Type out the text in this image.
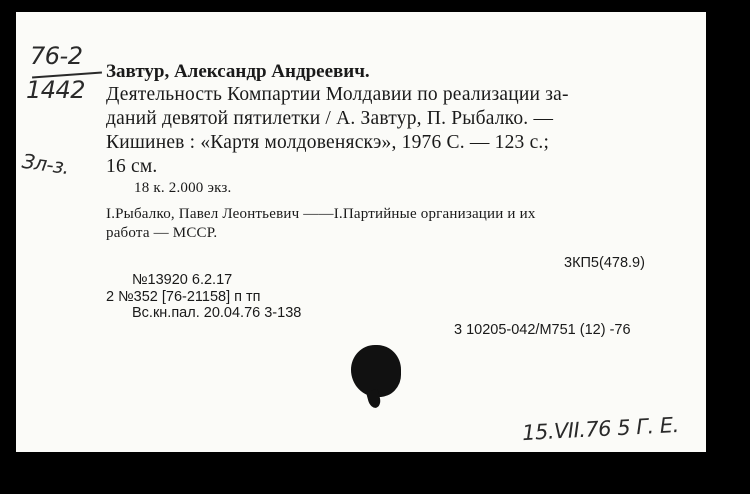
76-2
1442
Зл-з.
Завтур, Александр Андреевич.
Деятельность Компартии Молдавии по реализации за-
даний девятой пятилетки / А. Завтур, П. Рыбалко. —
Кишинев : «Картя молдовеняскэ», 1976 С. — 123 с.;
16 см.
18 к. 2.000 экз.
I.Рыбалко, Павел Леонтьевич ——I.Партийные организации и их
работа — МССР.
3КП5(478.9)
№13920 6.2.17
2 №352 [76-21158] п тп
Вс.кн.пал. 20.04.76 3-138
3 10205-042/М751 (12) -76
15.VII.76 5 Г. Е.
